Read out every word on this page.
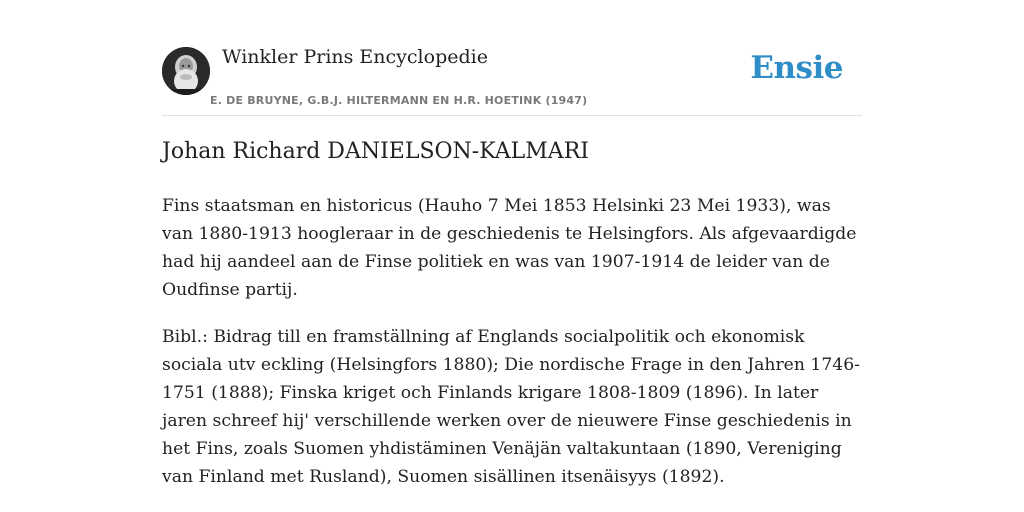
Winkler Prins Encyclopedie
E. DE BRUYNE, G.B.J. HILTERMANN EN H.R. HOETINK (1947)
Ensie
Johan Richard DANIELSON-KALMARI

Fins staatsman en historicus (Hauho 7 Mei 1853 Helsinki 23 Mei 1933), was van 1880-1913 hoogleraar in de geschiedenis te Helsingfors. Als afgevaardigde had hij aandeel aan de Finse politiek en was van 1907-1914 de leider van de Oudfinse partij.

Bibl.: Bidrag till en framställning af Englands socialpolitik och ekonomisk sociala utv eckling (Helsingfors 1880); Die nordische Frage in den Jahren 1746-1751 (1888); Finska kriget och Finlands krigare 1808-1809 (1896). In later jaren schreef hij' verschillende werken over de nieuwere Finse geschiedenis in het Fins, zoals Suomen yhdistäminen Venäjän valtakuntaan (1890, Vereniging van Finland met Rusland), Suomen sisällinen itsenäisyys (1892).
